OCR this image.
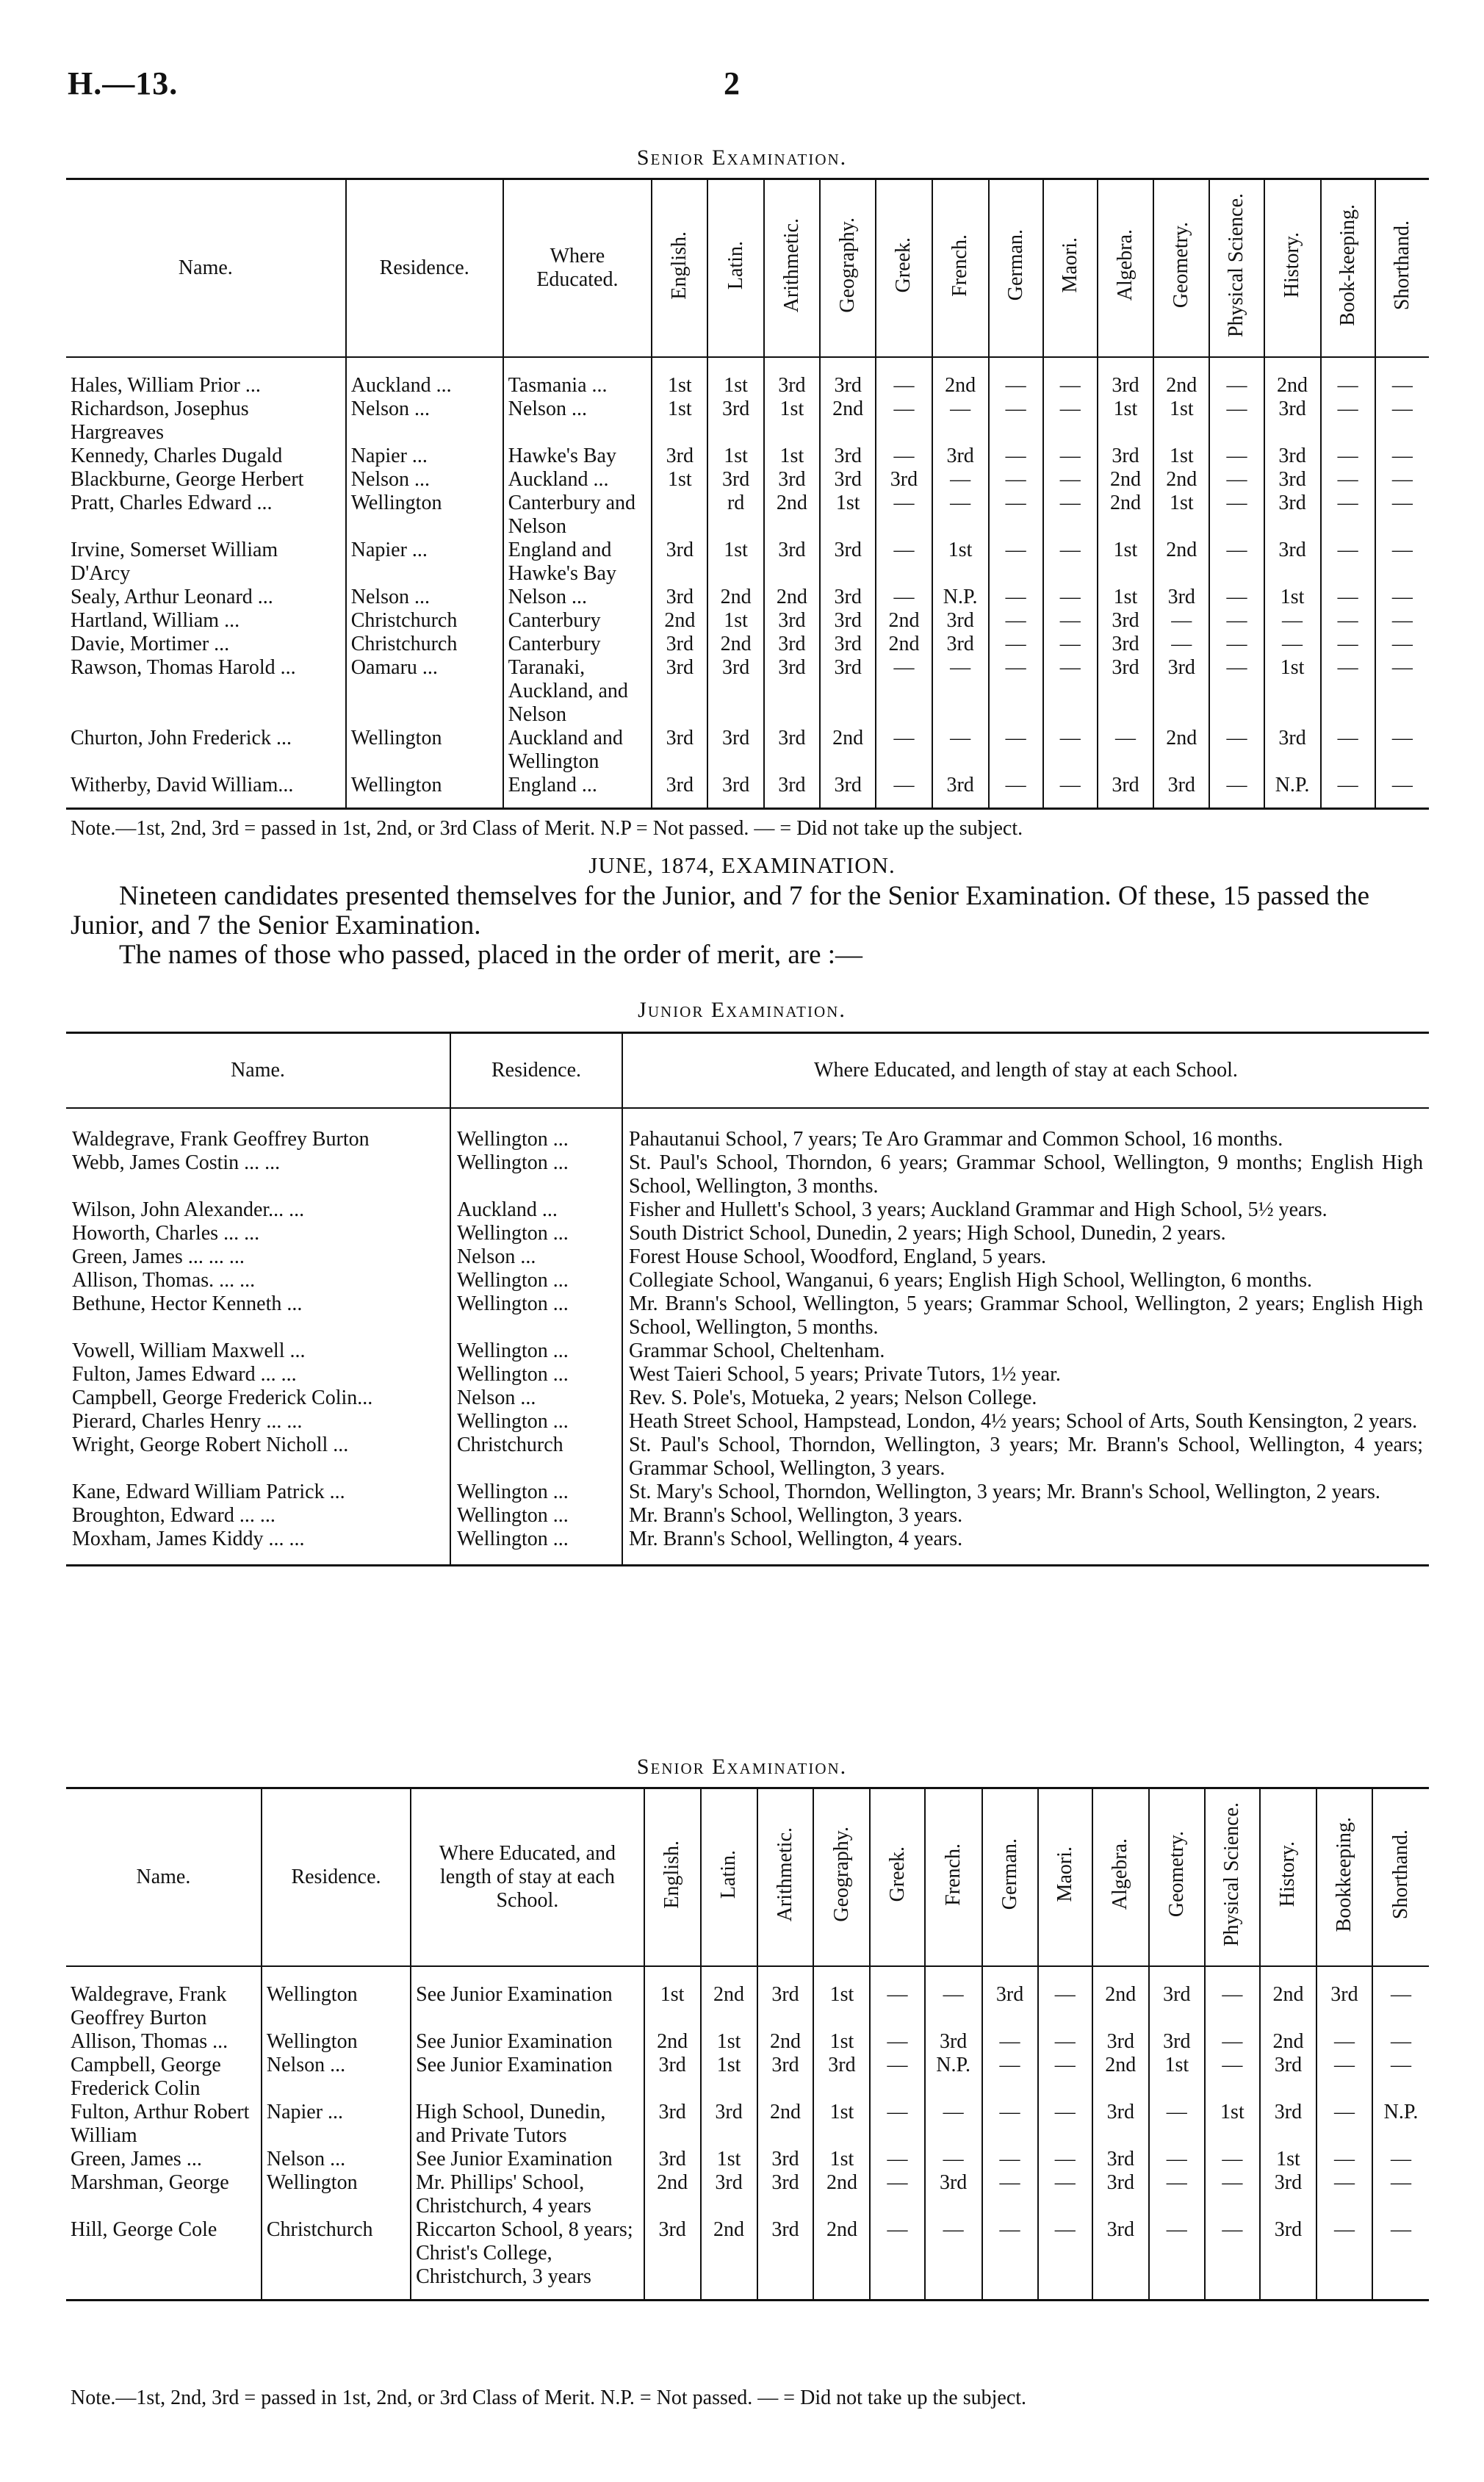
H.—13.	2
Senior Examination.
Name.	Residence.	Where Educated.	English.	Latin.	Arithmetic.	Geography.	Greek.	French.	German.	Maori.	Algebra.	Geometry.	Physical Science.	History.	Book-keeping.	Shorthand.

Hales, William Prior ...	Auckland ...	Tasmania ...	1st	1st	3rd	3rd	—	2nd	—	—	3rd	2nd	—	2nd	—	—
Richardson, Josephus Hargreaves	Nelson ...	Nelson ...	1st	3rd	1st	2nd	—	—	—	—	1st	1st	—	3rd	—	—
Kennedy, Charles Dugald	Napier ...	Hawke's Bay	3rd	1st	1st	3rd	—	3rd	—	—	3rd	1st	—	3rd	—	—
Blackburne, George Herbert	Nelson ...	Auckland ...	1st	3rd	3rd	3rd	3rd	—	—	—	2nd	2nd	—	3rd	—	—
Pratt, Charles Edward ...	Wellington	Canterbury and Nelson		rd	2nd	1st	—	—	—	—	2nd	1st	—	3rd	—	—
Irvine, Somerset William D'Arcy	Napier ...	England and Hawke's Bay	3rd	1st	3rd	3rd	—	1st	—	—	1st	2nd	—	3rd	—	—
Sealy, Arthur Leonard ...	Nelson ...	Nelson ...	3rd	2nd	2nd	3rd	—	N.P.	—	—	1st	3rd	—	1st	—	—
Hartland, William ...	Christchurch	Canterbury	2nd	1st	3rd	3rd	2nd	3rd	—	—	3rd	—	—	—	—	—
Davie, Mortimer ...	Christchurch	Canterbury	3rd	2nd	3rd	3rd	2nd	3rd	—	—	3rd	—	—	—	—	—
Rawson, Thomas Harold ...	Oamaru ...	Taranaki, Auckland, and Nelson	3rd	3rd	3rd	3rd	—	—	—	—	3rd	3rd	—	1st	—	—
Churton, John Frederick ...	Wellington	Auckland and Wellington	3rd	3rd	3rd	2nd	—	—	—	—	—	2nd	—	3rd	—	—
Witherby, David William...	Wellington	England ...	3rd	3rd	3rd	3rd	—	3rd	—	—	3rd	3rd	—	N.P.	—	—
Note.—1st, 2nd, 3rd = passed in 1st, 2nd, or 3rd Class of Merit. N.P = Not passed. — = Did not take up the subject.
JUNE, 1874, EXAMINATION.
Nineteen candidates presented themselves for the Junior, and 7 for the Senior Examination. Of these, 15 passed the Junior, and 7 the Senior Examination.
The names of those who passed, placed in the order of merit, are :—
Junior Examination.
Name.	Residence.	Where Educated, and length of stay at each School.

Waldegrave, Frank Geoffrey Burton	Wellington ...	Pahautanui School, 7 years; Te Aro Grammar and Common School, 16 months.
Webb, James Costin ... ...	Wellington ...	St. Paul's School, Thorndon, 6 years; Grammar School, Wellington, 9 months; English High School, Wellington, 3 months.
Wilson, John Alexander... ...	Auckland ...	Fisher and Hullett's School, 3 years; Auckland Grammar and High School, 5½ years.
Howorth, Charles ... ...	Wellington ...	South District School, Dunedin, 2 years; High School, Dunedin, 2 years.
Green, James ... ... ...	Nelson ...	Forest House School, Woodford, England, 5 years.
Allison, Thomas. ... ...	Wellington ...	Collegiate School, Wanganui, 6 years; English High School, Wellington, 6 months.
Bethune, Hector Kenneth ...	Wellington ...	Mr. Brann's School, Wellington, 5 years; Grammar School, Wellington, 2 years; English High School, Wellington, 5 months.
Vowell, William Maxwell ...	Wellington ...	Grammar School, Cheltenham.
Fulton, James Edward ... ...	Wellington ...	West Taieri School, 5 years; Private Tutors, 1½ year.
Campbell, George Frederick Colin...	Nelson ...	Rev. S. Pole's, Motueka, 2 years; Nelson College.
Pierard, Charles Henry ... ...	Wellington ...	Heath Street School, Hampstead, London, 4½ years; School of Arts, South Kensington, 2 years.
Wright, George Robert Nicholl ...	Christchurch	St. Paul's School, Thorndon, Wellington, 3 years; Mr. Brann's School, Wellington, 4 years; Grammar School, Wellington, 3 years.
Kane, Edward William Patrick ...	Wellington ...	St. Mary's School, Thorndon, Wellington, 3 years; Mr. Brann's School, Wellington, 2 years.
Broughton, Edward ... ...	Wellington ...	Mr. Brann's School, Wellington, 3 years.
Moxham, James Kiddy ... ...	Wellington ...	Mr. Brann's School, Wellington, 4 years.
Senior Examination.
Name.	Residence.	Where Educated, and length of stay at each School.	English.	Latin.	Arithmetic.	Geography.	Greek.	French.	German.	Maori.	Algebra.	Geometry.	Physical Science.	History.	Bookkeeping.	Shorthand.

Waldegrave, Frank Geoffrey Burton	Wellington	See Junior Examination	1st	2nd	3rd	1st	—	—	3rd	—	2nd	3rd	—	2nd	3rd	—
Allison, Thomas ...	Wellington	See Junior Examination	2nd	1st	2nd	1st	—	3rd	—	—	3rd	3rd	—	2nd	—	—
Campbell, George Frederick Colin	Nelson ...	See Junior Examination	3rd	1st	3rd	3rd	—	N.P.	—	—	2nd	1st	—	3rd	—	—
Fulton, Arthur Robert William	Napier ...	High School, Dunedin, and Private Tutors	3rd	3rd	2nd	1st	—	—	—	—	3rd	—	1st	3rd	—	N.P.
Green, James ...	Nelson ...	See Junior Examination	3rd	1st	3rd	1st	—	—	—	—	3rd	—	—	1st	—	—
Marshman, George	Wellington	Mr. Phillips' School, Christchurch, 4 years	2nd	3rd	3rd	2nd	—	3rd	—	—	3rd	—	—	3rd	—	—
Hill, George Cole	Christchurch	Riccarton School, 8 years; Christ's College, Christchurch, 3 years	3rd	2nd	3rd	2nd	—	—	—	—	3rd	—	—	3rd	—	—
Note.—1st, 2nd, 3rd = passed in 1st, 2nd, or 3rd Class of Merit. N.P. = Not passed. — = Did not take up the subject.
